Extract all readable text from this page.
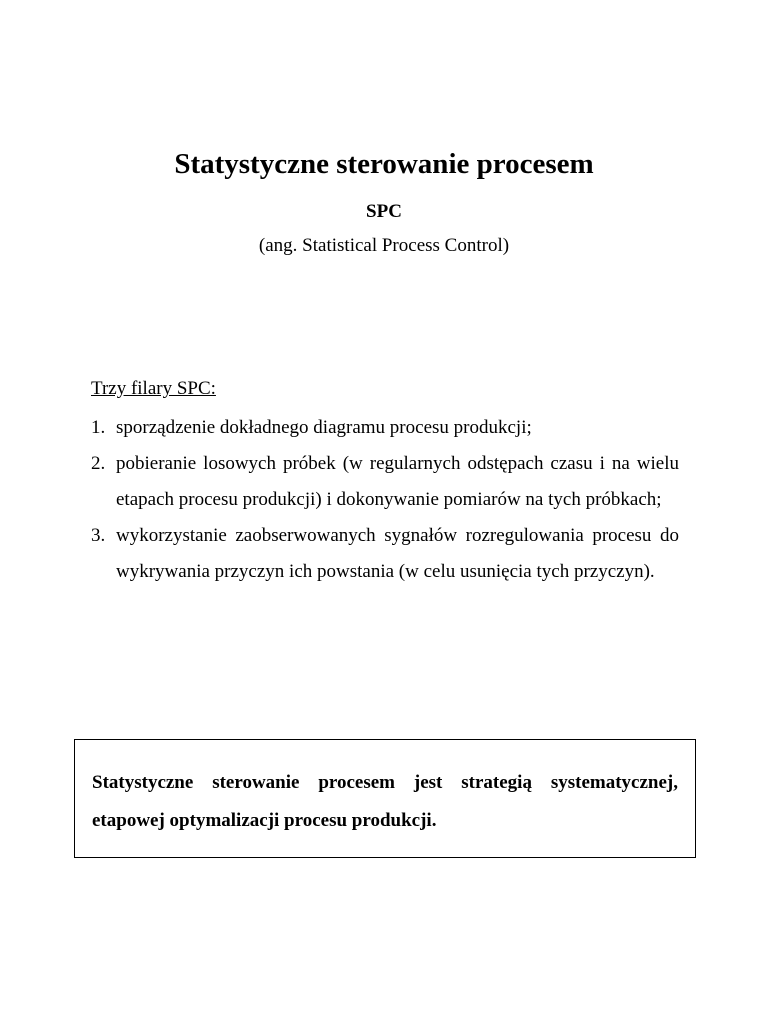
Statystyczne sterowanie procesem
SPC
(ang. Statistical Process Control)
Trzy filary SPC:
1. sporządzenie dokładnego diagramu procesu produkcji;
2. pobieranie losowych próbek (w regularnych odstępach czasu i na wielu etapach procesu produkcji) i dokonywanie pomiarów na tych próbkach;
3. wykorzystanie zaobserwowanych sygnałów rozregulowania procesu do wykrywania przyczyn ich powstania (w celu usunięcia tych przyczyn).
Statystyczne sterowanie procesem jest strategią systematycznej, etapowej optymalizacji procesu produkcji.
